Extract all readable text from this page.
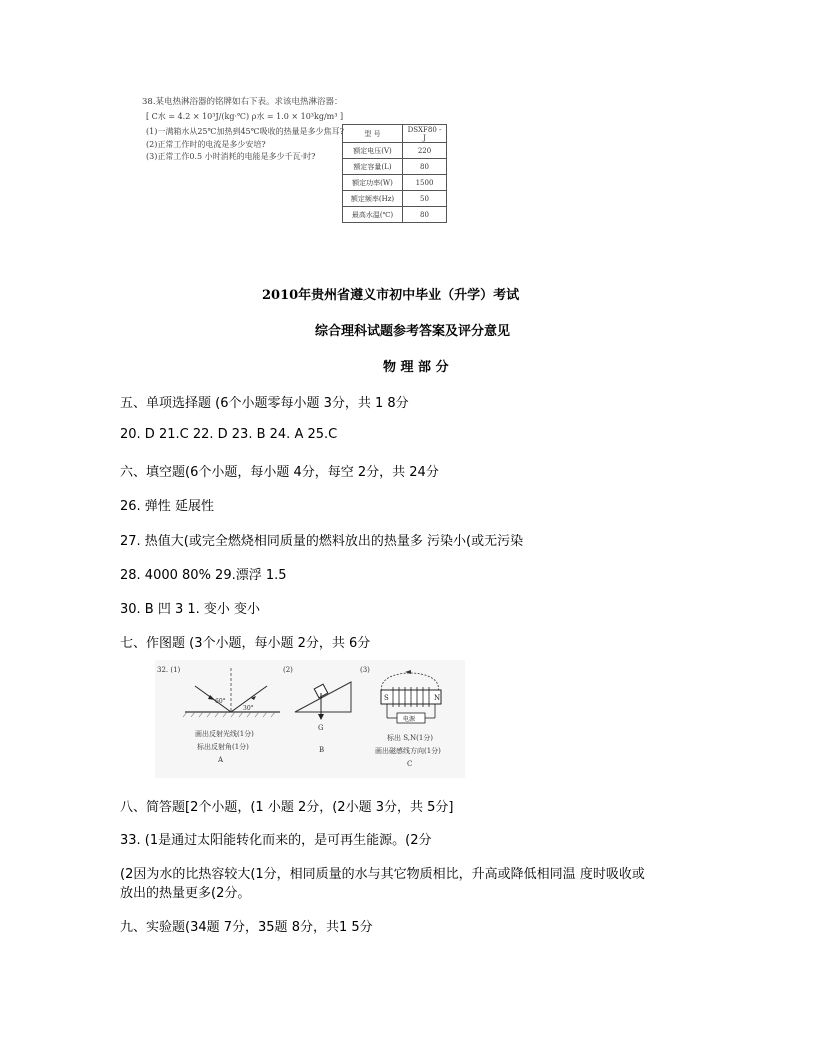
38.某电热淋浴器的铭牌如右下表。求该电热淋浴器：
[ C水 = 4.2 × 10³J/(kg·℃) ρ水 = 1.0 × 10³kg/m³ ]
(1)一满箱水从25℃加热到45℃吸收的热量是多少焦耳?
(2)正常工作时的电流是多少安培?
(3)正常工作0.5 小时消耗的电能是多少千瓦·时?
型 号	DSXF80 - J
额定电压(V)	220
额定容量(L)	80
额定功率(W)	1500
额定频率(Hz)	50
最高水温(℃)	80
2010年贵州省遵义市初中毕业（升学）考试
综合理科试题参考答案及评分意见
物 理 部 分
五、单项选择题 (6个小题零每小题 3分，共 1 8分
20. D 21.C 22. D 23. B 24. A 25.C
六、填空题(6个小题，每小题 4分，每空 2分，共 24分
26. 弹性 延展性
27. 热值大(或完全燃烧相同质量的燃料放出的热量多 污染小(或无污染
28. 4000 80% 29.漂浮 1.5
30. B 凹 3 1. 变小 变小
七、作图题 (3个小题，每小题 2分，共 6分
32. (1)	(2)	(3)
60°
30°
画出反射光线(1分)
标出反射角(1分)
A
G
B
S	N
电源
标出 S,N(1分)
画出磁感线方向(1分)
C
八、简答题[2个小题，(1 小题 2分，(2小题 3分，共 5分]
33. (1是通过太阳能转化而来的，是可再生能源。(2分
(2因为水的比热容较大(1分，相同质量的水与其它物质相比，升高或降低相同温 度时吸收或
放出的热量更多(2分。
九、实验题(34题 7分，35题 8分，共1 5分
